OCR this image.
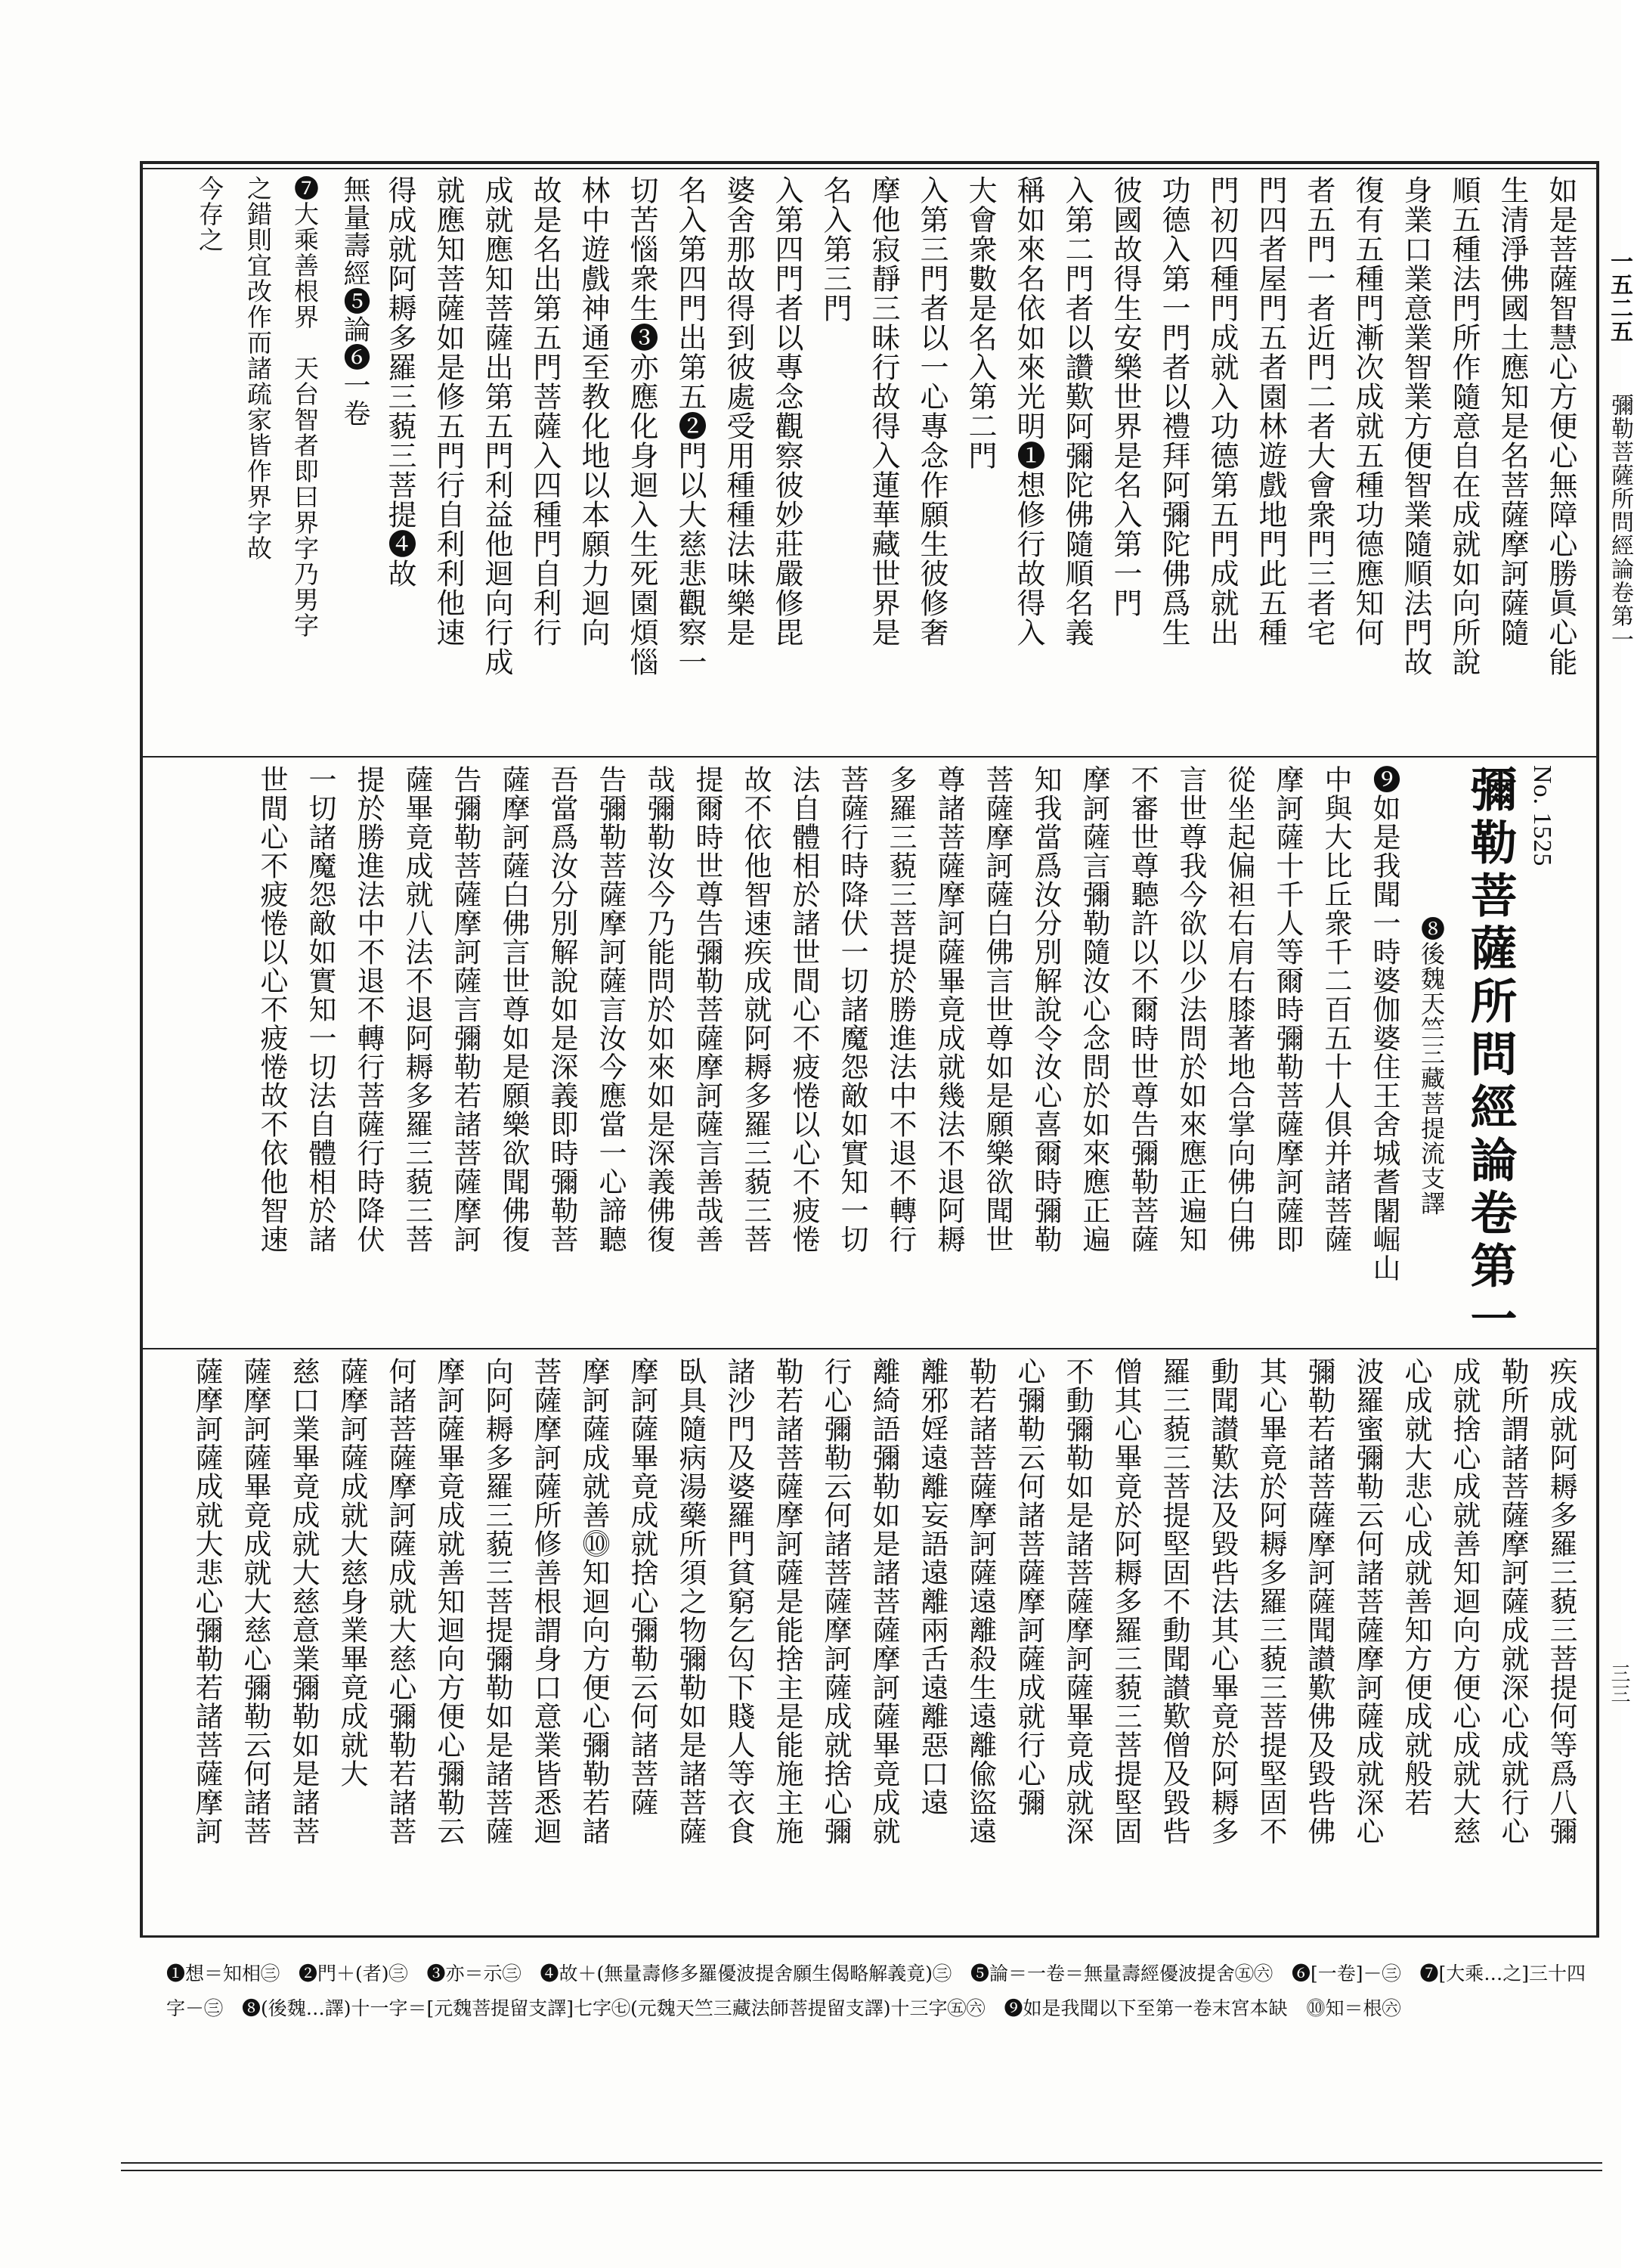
一五二五
彌勒菩薩所問經論卷第一
三三
如是菩薩智慧心方便心無障心勝眞心能
生清淨佛國土應知是名菩薩摩訶薩隨
順五種法門所作隨意自在成就如向所說
身業口業意業智業方便智業隨順法門故
復有五種門漸次成就五種功德應知何
者五門一者近門二者大會衆門三者宅
門四者屋門五者園林遊戲地門此五種
門初四種門成就入功德第五門成就出
功德入第一門者以禮拜阿彌陀佛爲生
彼國故得生安樂世界是名入第一門
入第二門者以讚歎阿彌陀佛隨順名義
稱如來名依如來光明❶想修行故得入
大會衆數是名入第二門
入第三門者以一心專念作願生彼修奢
摩他寂靜三昧行故得入蓮華藏世界是
名入第三門
入第四門者以專念觀察彼妙莊嚴修毘
婆舍那故得到彼處受用種種法味樂是
名入第四門出第五❷門以大慈悲觀察一
切苦惱衆生❸亦應化身迴入生死園煩惱
林中遊戲神通至教化地以本願力迴向
故是名出第五門菩薩入四種門自利行
成就應知菩薩出第五門利益他迴向行成
就應知菩薩如是修五門行自利利他速
得成就阿耨多羅三藐三菩提❹故
無量壽經❺論❻一卷
❼大乘善根界　天台智者即曰界字乃男字
之錯則宜改作而諸疏家皆作界字故
今存之
No. 1525
彌勒菩薩所問經論卷第一
❽後魏天竺三藏菩提流支譯
❾如是我聞一時婆伽婆住王舍城耆闍崛山
中與大比丘衆千二百五十人俱并諸菩薩
摩訶薩十千人等爾時彌勒菩薩摩訶薩即
從坐起偏袒右肩右膝著地合掌向佛白佛
言世尊我今欲以少法問於如來應正遍知
不審世尊聽許以不爾時世尊告彌勒菩薩
摩訶薩言彌勒隨汝心念問於如來應正遍
知我當爲汝分別解說令汝心喜爾時彌勒
菩薩摩訶薩白佛言世尊如是願樂欲聞世
尊諸菩薩摩訶薩畢竟成就幾法不退阿耨
多羅三藐三菩提於勝進法中不退不轉行
菩薩行時降伏一切諸魔怨敵如實知一切
法自體相於諸世間心不疲惓以心不疲惓
故不依他智速疾成就阿耨多羅三藐三菩
提爾時世尊告彌勒菩薩摩訶薩言善哉善
哉彌勒汝今乃能問於如來如是深義佛復
告彌勒菩薩摩訶薩言汝今應當一心諦聽
吾當爲汝分別解說如是深義即時彌勒菩
薩摩訶薩白佛言世尊如是願樂欲聞佛復
告彌勒菩薩摩訶薩言彌勒若諸菩薩摩訶
薩畢竟成就八法不退阿耨多羅三藐三菩
提於勝進法中不退不轉行菩薩行時降伏
一切諸魔怨敵如實知一切法自體相於諸
世間心不疲惓以心不疲惓故不依他智速
疾成就阿耨多羅三藐三菩提何等爲八彌
勒所謂諸菩薩摩訶薩成就深心成就行心
成就捨心成就善知迴向方便心成就大慈
心成就大悲心成就善知方便成就般若
波羅蜜彌勒云何諸菩薩摩訶薩成就深心
彌勒若諸菩薩摩訶薩聞讃歎佛及毀呰佛
其心畢竟於阿耨多羅三藐三菩提堅固不
動聞讃歎法及毀呰法其心畢竟於阿耨多
羅三藐三菩提堅固不動聞讃歎僧及毀呰
僧其心畢竟於阿耨多羅三藐三菩提堅固
不動彌勒如是諸菩薩摩訶薩畢竟成就深
心彌勒云何諸菩薩摩訶薩成就行心彌
勒若諸菩薩摩訶薩遠離殺生遠離偸盜遠
離邪婬遠離妄語遠離兩舌遠離惡口遠
離綺語彌勒如是諸菩薩摩訶薩畢竟成就
行心彌勒云何諸菩薩摩訶薩成就捨心彌
勒若諸菩薩摩訶薩是能捨主是能施主施
諸沙門及婆羅門貧窮乞匃下賤人等衣食
臥具隨病湯藥所須之物彌勒如是諸菩薩
摩訶薩畢竟成就捨心彌勒云何諸菩薩
摩訶薩成就善⓾知迴向方便心彌勒若諸
菩薩摩訶薩所修善根謂身口意業皆悉迴
向阿耨多羅三藐三菩提彌勒如是諸菩薩
摩訶薩畢竟成就善知迴向方便心彌勒云
何諸菩薩摩訶薩成就大慈心彌勒若諸菩
薩摩訶薩成就大慈身業畢竟成就大
慈口業畢竟成就大慈意業彌勒如是諸菩
薩摩訶薩畢竟成就大慈心彌勒云何諸菩
薩摩訶薩成就大悲心彌勒若諸菩薩摩訶
❶想＝知相㊂　❷門＋(者)㊂　❸亦＝示㊂　❹故＋(無量壽修多羅優波提舍願生偈略解義竟)㊂　❺論＝一卷＝無量壽經優波提舍㊄㊅　❻[一卷]－㊂　❼[大乘…之]三十四字－㊂　❽(後魏…譯)十一字＝[元魏菩提留支譯]七字㊆(元魏天竺三藏法師菩提留支譯)十三字㊄㊅　❾如是我聞以下至第一卷末宮本缺　⓾知＝根㊅
